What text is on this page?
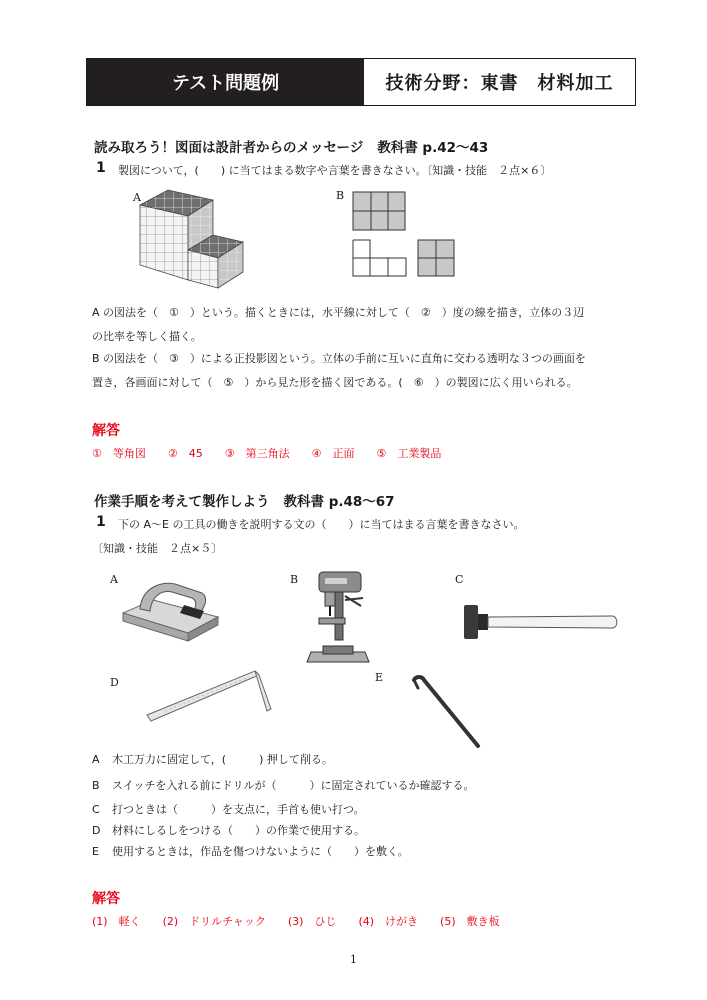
テスト問題例	技術分野：東書　材料加工
読み取ろう！図面は設計者からのメッセージ 教科書 p.42〜43
1 製図について，(　　) に当てはまる数字や言葉を書きなさい。〔知識・技能　２点×６〕
A	B
A の図法を（　①　）という。描くときには，水平線に対して（　②　）度の線を描き，立体の３辺
の比率を等しく描く。
B の図法を（　③　）による正投影図という。立体の手前に互いに直角に交わる透明な３つの画面を
置き，各画面に対して（　⑤　）から見た形を描く図である。(　⑥　）の製図に広く用いられる。
解答
①　等角図 ②　45 ③　第三角法 ④　正面 ⑤　工業製品
作業手順を考えて製作しよう 教科書 p.48〜67
1 下の A〜E の工具の働きを説明する文の（　　）に当てはまる言葉を書きなさい。
〔知識・技能　２点×５〕
A	B	C
D	E
A 木工万力に固定して，(　　　) 押して削る。
B スイッチを入れる前にドリルが（　　　）に固定されているか確認する。
C 打つときは（　　　）を支点に，手首も使い打つ。
D 材料にしるしをつける（　　）の作業で使用する。
E 使用するときは，作品を傷つけないように（　　）を敷く。
解答
(1)　軽く (2)　ドリルチャック (3)　ひじ (4)　けがき (5)　敷き板
1
